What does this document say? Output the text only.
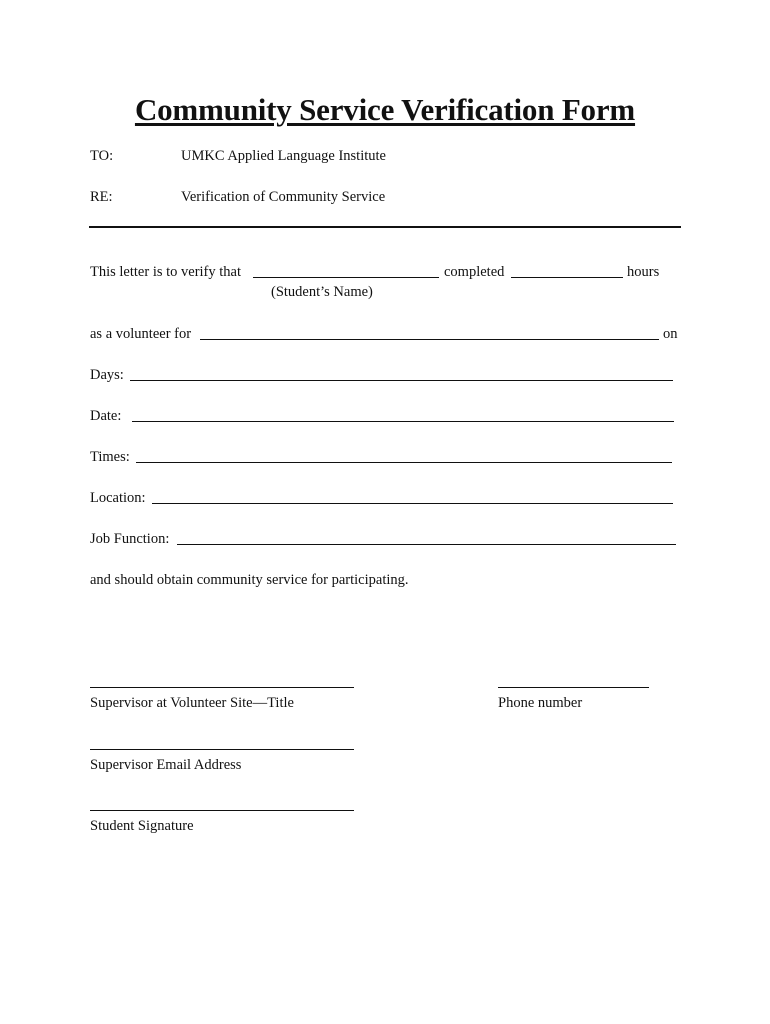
Community Service Verification Form
TO:	UMKC Applied Language Institute
RE:	Verification of Community Service
This letter is to verify that	completed	hours
(Student’s Name)
as a volunteer for	on
Days:
Date:
Times:
Location:
Job Function:
and should obtain community service for participating.
Supervisor at Volunteer Site—Title	Phone number
Supervisor Email Address
Student Signature
